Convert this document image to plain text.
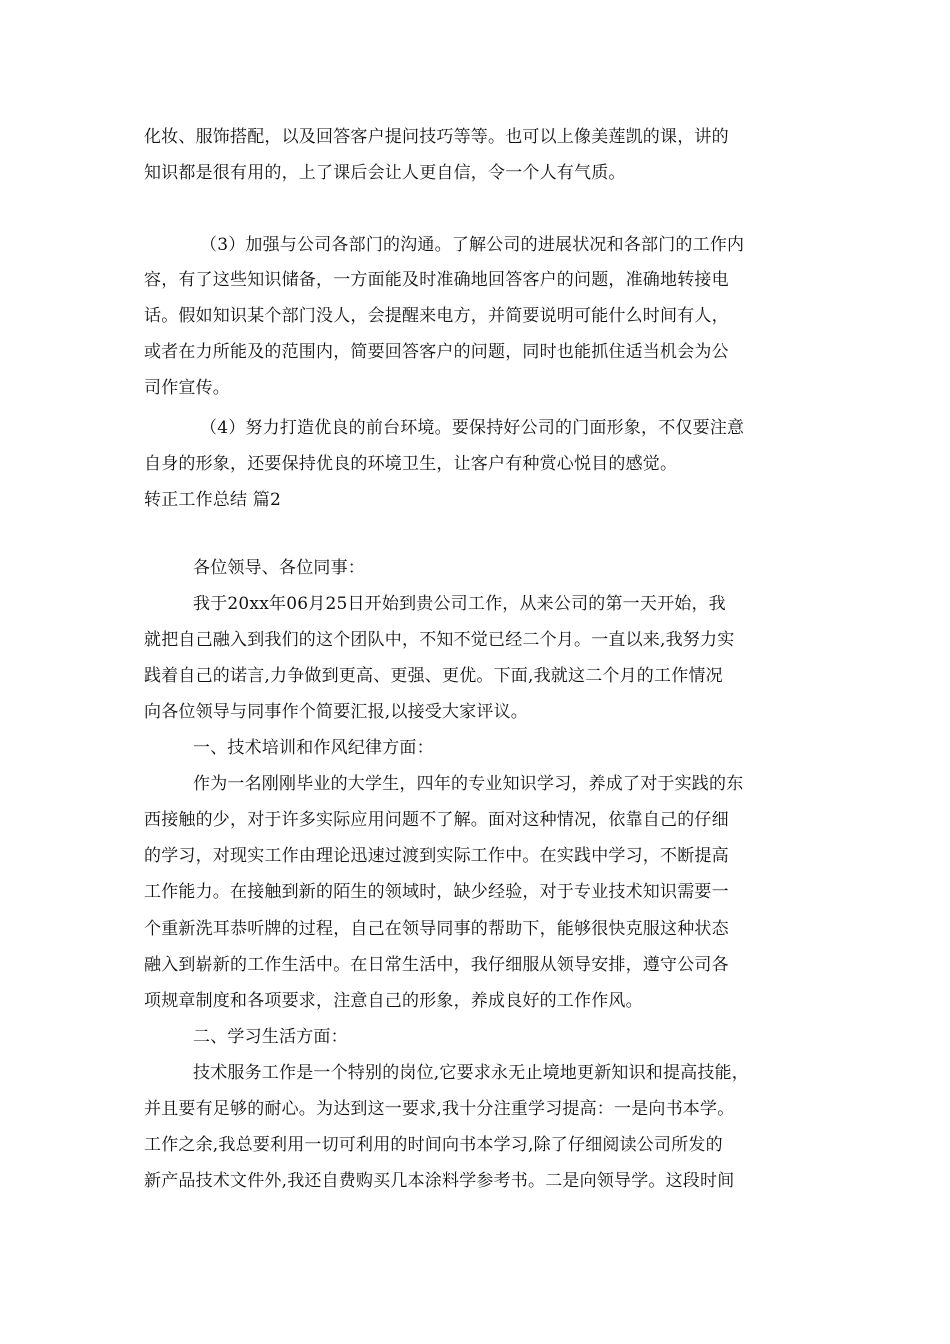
化妆、服饰搭配，以及回答客户提问技巧等等。也可以上像美莲凯的课，讲的
知识都是很有用的，上了课后会让人更自信，令一个人有气质。
（3）加强与公司各部门的沟通。了解公司的进展状况和各部门的工作内
容，有了这些知识储备，一方面能及时准确地回答客户的问题，准确地转接电
话。假如知识某个部门没人，会提醒来电方，并简要说明可能什么时间有人，
或者在力所能及的范围内，简要回答客户的问题，同时也能抓住适当机会为公
司作宣传。
（4）努力打造优良的前台环境。要保持好公司的门面形象，不仅要注意
自身的形象，还要保持优良的环境卫生，让客户有种赏心悦目的感觉。
转正工作总结 篇2
各位领导、各位同事：
我于20xx年06月25日开始到贵公司工作，从来公司的第一天开始，我
就把自己融入到我们的这个团队中，不知不觉已经二个月。一直以来,我努力实
践着自己的诺言,力争做到更高、更强、更优。下面,我就这二个月的工作情况
向各位领导与同事作个简要汇报,以接受大家评议。
一、技术培训和作风纪律方面：
作为一名刚刚毕业的大学生，四年的专业知识学习，养成了对于实践的东
西接触的少，对于许多实际应用问题不了解。面对这种情况，依靠自己的仔细
的学习，对现实工作由理论迅速过渡到实际工作中。在实践中学习，不断提高
工作能力。在接触到新的陌生的领域时，缺少经验，对于专业技术知识需要一
个重新洗耳恭听牌的过程，自己在领导同事的帮助下，能够很快克服这种状态
融入到崭新的工作生活中。在日常生活中，我仔细服从领导安排，遵守公司各
项规章制度和各项要求，注意自己的形象，养成良好的工作作风。
二、学习生活方面：
技术服务工作是一个特别的岗位,它要求永无止境地更新知识和提高技能，
并且要有足够的耐心。为达到这一要求,我十分注重学习提高：一是向书本学。
工作之余,我总要利用一切可利用的时间向书本学习,除了仔细阅读公司所发的
新产品技术文件外,我还自费购买几本涂料学参考书。二是向领导学。这段时间
